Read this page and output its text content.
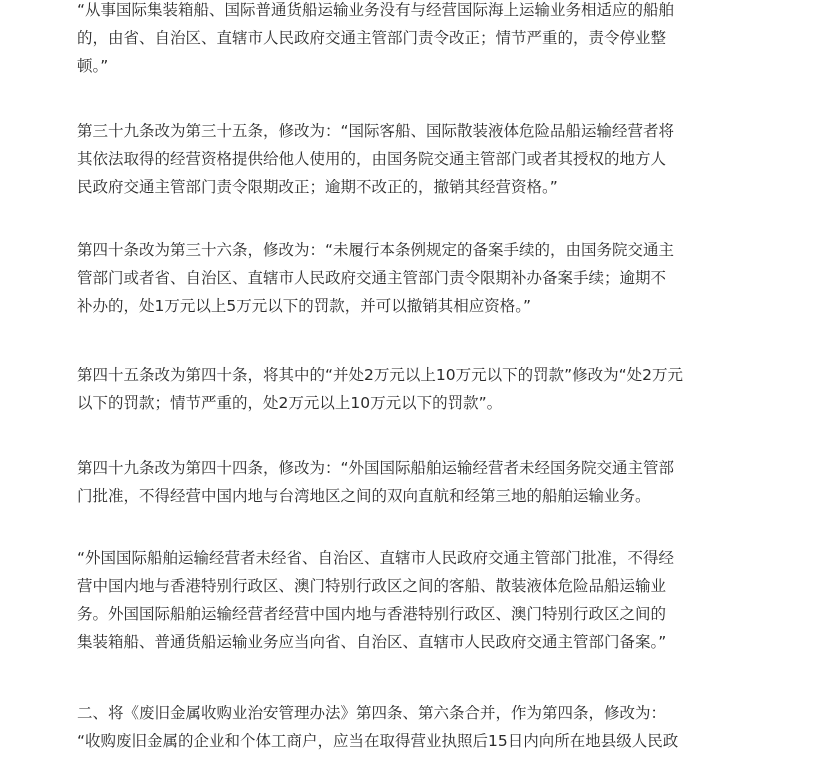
“从事国际集装箱船、国际普通货船运输业务没有与经营国际海上运输业务相适应的船舶
的，由省、自治区、直辖市人民政府交通主管部门责令改正；情节严重的，责令停业整
顿。”

第三十九条改为第三十五条，修改为：“国际客船、国际散装液体危险品船运输经营者将
其依法取得的经营资格提供给他人使用的，由国务院交通主管部门或者其授权的地方人
民政府交通主管部门责令限期改正；逾期不改正的，撤销其经营资格。”

第四十条改为第三十六条，修改为：“未履行本条例规定的备案手续的，由国务院交通主
管部门或者省、自治区、直辖市人民政府交通主管部门责令限期补办备案手续；逾期不
补办的，处1万元以上5万元以下的罚款，并可以撤销其相应资格。”

第四十五条改为第四十条，将其中的“并处2万元以上10万元以下的罚款”修改为“处2万元
以下的罚款；情节严重的，处2万元以上10万元以下的罚款”。

第四十九条改为第四十四条，修改为：“外国国际船舶运输经营者未经国务院交通主管部
门批准，不得经营中国内地与台湾地区之间的双向直航和经第三地的船舶运输业务。

“外国国际船舶运输经营者未经省、自治区、直辖市人民政府交通主管部门批准，不得经
营中国内地与香港特别行政区、澳门特别行政区之间的客船、散装液体危险品船运输业
务。外国国际船舶运输经营者经营中国内地与香港特别行政区、澳门特别行政区之间的
集装箱船、普通货船运输业务应当向省、自治区、直辖市人民政府交通主管部门备案。”

二、将《废旧金属收购业治安管理办法》第四条、第六条合并，作为第四条，修改为：
“收购废旧金属的企业和个体工商户，应当在取得营业执照后15日内向所在地县级人民政
